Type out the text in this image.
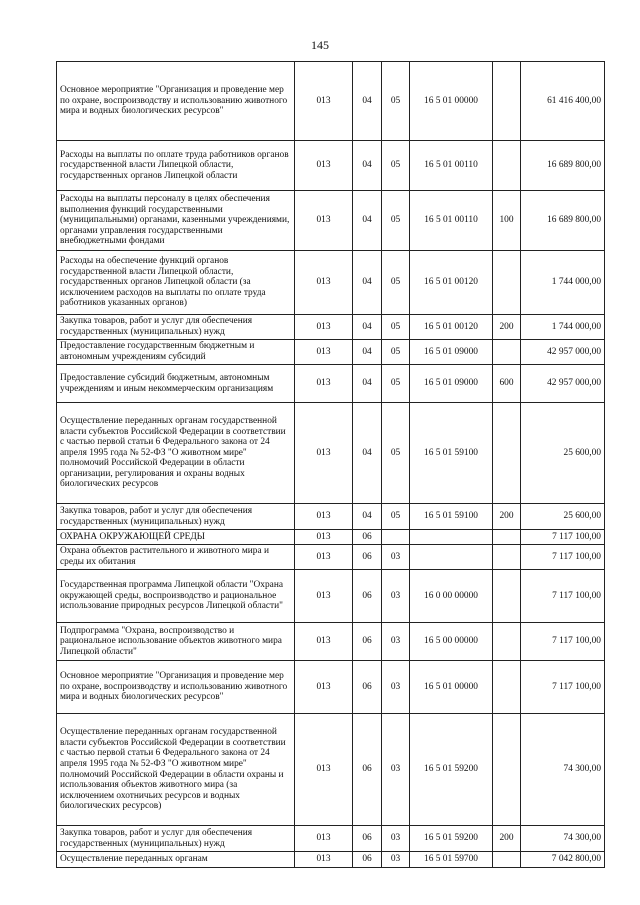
145
Основное мероприятие "Организация и проведение мер по охране, воспроизводству и использованию животного мира и водных биологических ресурсов"	013	04	05	16 5 01 00000		61 416 400,00
Расходы на выплаты по оплате труда работников органов государственной власти Липецкой области, государственных органов Липецкой области	013	04	05	16 5 01 00110		16 689 800,00
Расходы на выплаты персоналу в целях обеспечения выполнения функций государственными (муниципальными) органами, казенными учреждениями, органами управления государственными внебюджетными фондами	013	04	05	16 5 01 00110	100	16 689 800,00
Расходы на обеспечение функций органов государственной власти Липецкой области, государственных органов Липецкой области (за исключением расходов на выплаты по оплате труда работников указанных органов)	013	04	05	16 5 01 00120		1 744 000,00
Закупка товаров, работ и услуг для обеспечения государственных (муниципальных) нужд	013	04	05	16 5 01 00120	200	1 744 000,00
Предоставление государственным бюджетным и автономным учреждениям субсидий	013	04	05	16 5 01 09000		42 957 000,00
Предоставление субсидий бюджетным, автономным учреждениям и иным некоммерческим организациям	013	04	05	16 5 01 09000	600	42 957 000,00
Осуществление переданных органам государственной власти субъектов Российской Федерации в соответствии с частью первой статьи 6 Федерального закона от 24 апреля 1995 года № 52-ФЗ "О животном мире" полномочий Российской Федерации в области организации, регулирования и охраны водных биологических ресурсов	013	04	05	16 5 01 59100		25 600,00
Закупка товаров, работ и услуг для обеспечения государственных (муниципальных) нужд	013	04	05	16 5 01 59100	200	25 600,00
ОХРАНА ОКРУЖАЮЩЕЙ СРЕДЫ	013	06				7 117 100,00
Охрана объектов растительного и животного мира и среды их обитания	013	06	03			7 117 100,00
Государственная программа Липецкой области "Охрана окружающей среды, воспроизводство и рациональное использование природных ресурсов Липецкой области"	013	06	03	16 0 00 00000		7 117 100,00
Подпрограмма "Охрана, воспроизводство и рациональное использование объектов животного мира Липецкой области"	013	06	03	16 5 00 00000		7 117 100,00
Основное мероприятие "Организация и проведение мер по охране, воспроизводству и использованию животного мира и водных биологических ресурсов"	013	06	03	16 5 01 00000		7 117 100,00
Осуществление переданных органам государственной власти субъектов Российской Федерации в соответствии с частью первой статьи 6 Федерального закона от 24 апреля 1995 года № 52-ФЗ "О животном мире" полномочий Российской Федерации в области охраны и использования объектов животного мира (за исключением охотничьих ресурсов и водных биологических ресурсов)	013	06	03	16 5 01 59200		74 300,00
Закупка товаров, работ и услуг для обеспечения государственных (муниципальных) нужд	013	06	03	16 5 01 59200	200	74 300,00
Осуществление переданных органам	013	06	03	16 5 01 59700		7 042 800,00
